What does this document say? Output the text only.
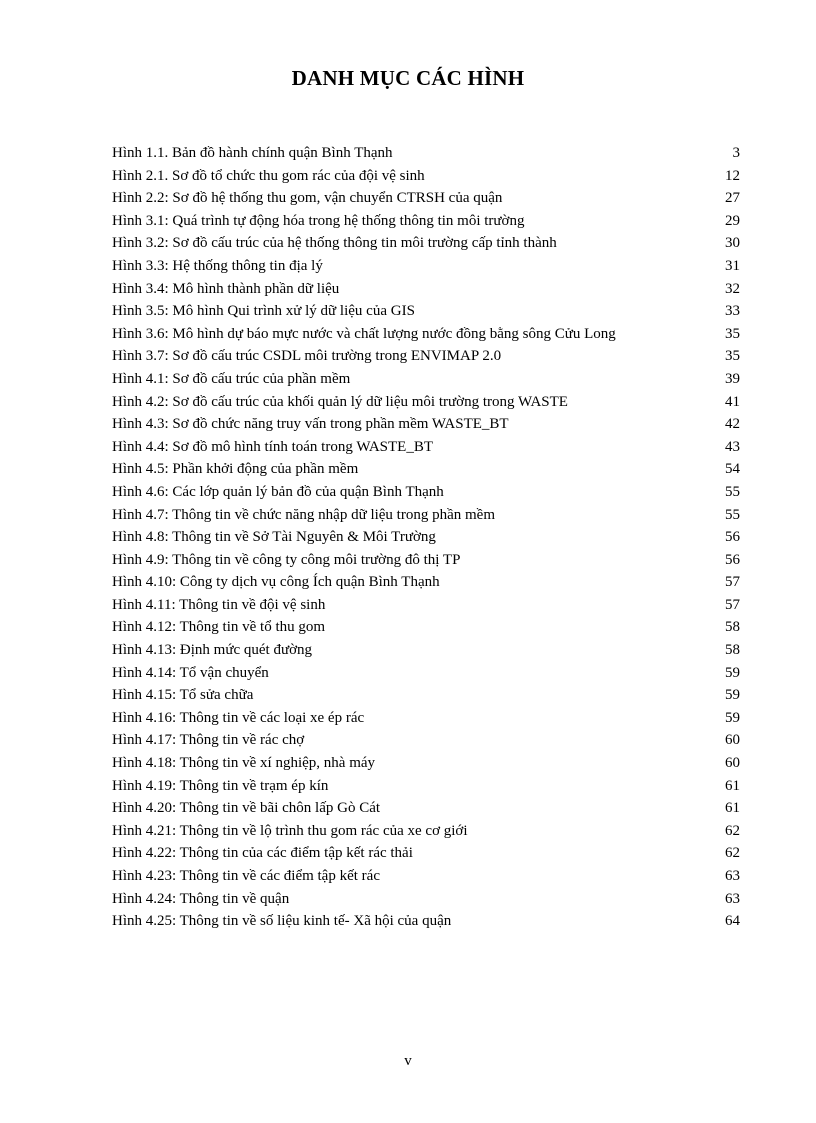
DANH MỤC CÁC HÌNH
Hình 1.1. Bản đồ hành chính quận Bình Thạnh	3
Hình 2.1. Sơ đồ tổ chức thu gom rác của đội vệ sinh	12
Hình 2.2: Sơ đồ hệ thống thu gom, vận chuyển CTRSH của quận	27
Hình 3.1: Quá trình tự động hóa trong hệ thống thông tin môi trường	29
Hình 3.2: Sơ đồ cấu trúc của hệ thống thông tin môi trường cấp tỉnh thành	30
Hình 3.3: Hệ thống thông tin địa lý	31
Hình 3.4: Mô hình thành phần dữ liệu	32
Hình 3.5: Mô hình Qui trình xử lý dữ liệu của GIS	33
Hình 3.6: Mô hình dự báo mực nước và chất lượng nước đồng bằng sông Cửu Long	35
Hình 3.7: Sơ đồ cấu trúc CSDL môi trường trong ENVIMAP 2.0	35
Hình 4.1: Sơ đồ cấu trúc của phần mềm	39
Hình 4.2: Sơ đồ cấu trúc của khối quản lý dữ liệu môi trường trong WASTE	41
Hình 4.3: Sơ đồ chức năng truy vấn trong phần mềm WASTE_BT	42
Hình 4.4: Sơ đồ mô hình tính toán trong WASTE_BT	43
Hình 4.5: Phần khởi động của phần mềm	54
Hình 4.6: Các lớp quản lý bản đồ của quận Bình Thạnh	55
Hình 4.7: Thông tin về chức năng nhập dữ liệu trong phần mềm	55
Hình 4.8: Thông tin về Sở Tài Nguyên & Môi Trường	56
Hình 4.9: Thông tin về công ty công môi trường đô thị TP	56
Hình 4.10: Công ty dịch vụ công Ích quận Bình Thạnh	57
Hình 4.11: Thông tin về đội vệ sinh	57
Hình 4.12: Thông tin về tổ thu gom	58
Hình 4.13: Định mức quét đường	58
Hình 4.14: Tổ vận chuyển	59
Hình 4.15: Tổ sửa chữa	59
Hình 4.16: Thông tin về các loại xe ép rác	59
Hình 4.17: Thông tin về rác chợ	60
Hình 4.18: Thông tin về xí nghiệp, nhà máy	60
Hình 4.19: Thông tin về trạm ép kín	61
Hình 4.20: Thông tin về bãi chôn lấp Gò Cát	61
Hình 4.21: Thông tin về lộ trình thu gom rác của xe cơ giới	62
Hình 4.22: Thông tin của các điểm tập kết rác thải	62
Hình 4.23: Thông tin về các điểm tập kết rác	63
Hình 4.24: Thông tin về quận	63
Hình 4.25: Thông tin về số liệu kinh tế- Xã hội của quận	64
v
